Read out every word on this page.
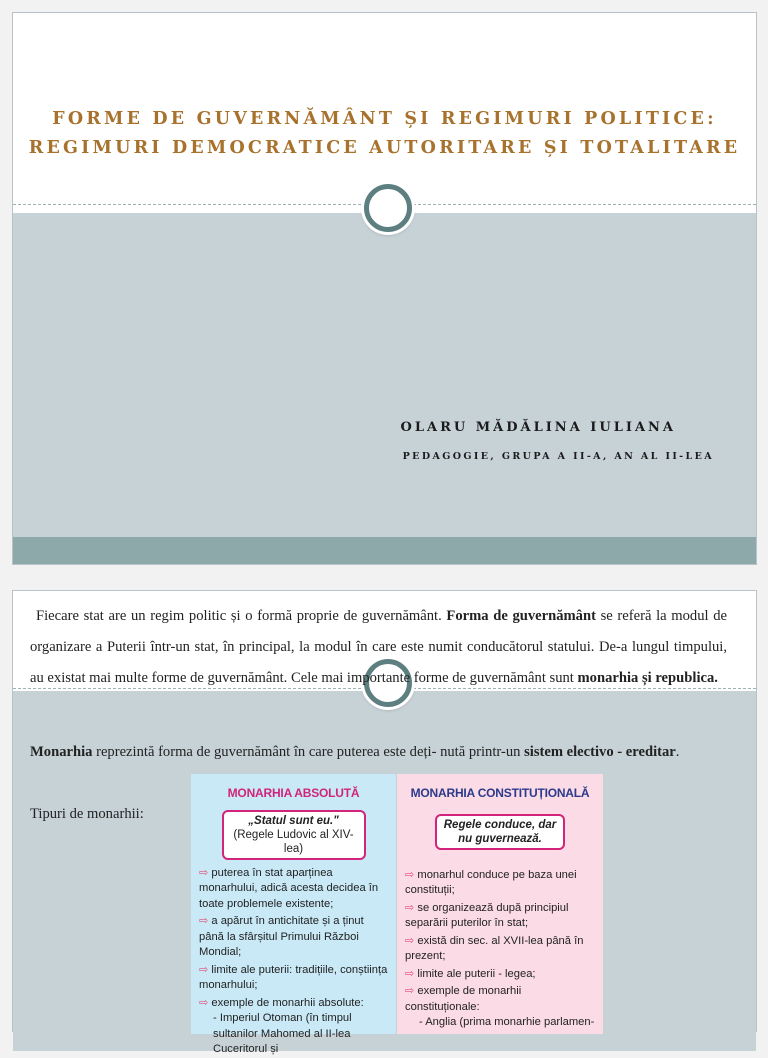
FORME DE GUVERNĂMÂNT ȘI REGIMURI POLITICE:
REGIMURI DEMOCRATICE AUTORITARE ȘI TOTALITARE
OLARU MĂDĂLINA IULIANA
PEDAGOGIE, GRUPA A II-A, AN AL II-LEA
Fiecare stat are un regim politic și o formă proprie de guvernământ. Forma de guvernământ se referă la modul de organizare a Puterii într-un stat, în principal, la modul în care este numit conducătorul statului. De-a lungul timpului, au existat mai multe forme de guvernământ. Cele mai importante forme de guvernământ sunt monarhia și republica.
Monarhia reprezintă forma de guvernământ în care puterea este deți- nută printr-un sistem electivo - ereditar.
Tipuri de monarhii:
MONARHIA ABSOLUTĂ
„Statul sunt eu."
(Regele Ludovic al XIV-lea)
⇨ puterea în stat aparținea monarhului, adică acesta decidea în toate problemele existente;
⇨ a apărut în antichitate și a ținut până la sfârșitul Primului Război Mondial;
⇨ limite ale puterii: tradițiile, conștiința monarhului;
⇨ exemple de monarhii absolute:
- Imperiul Otoman (în timpul sultanilor Mahomed al II-lea Cuceritorul și
MONARHIA CONSTITUȚIONALĂ
Regele conduce, dar nu guvernează.
⇨ monarhul conduce pe baza unei constituții;
⇨ se organizează după principiul separării puterilor în stat;
⇨ există din sec. al XVII-lea până în prezent;
⇨ limite ale puterii - legea;
⇨ exemple de monarhii constituționale:
- Anglia (prima monarhie parlamen-
